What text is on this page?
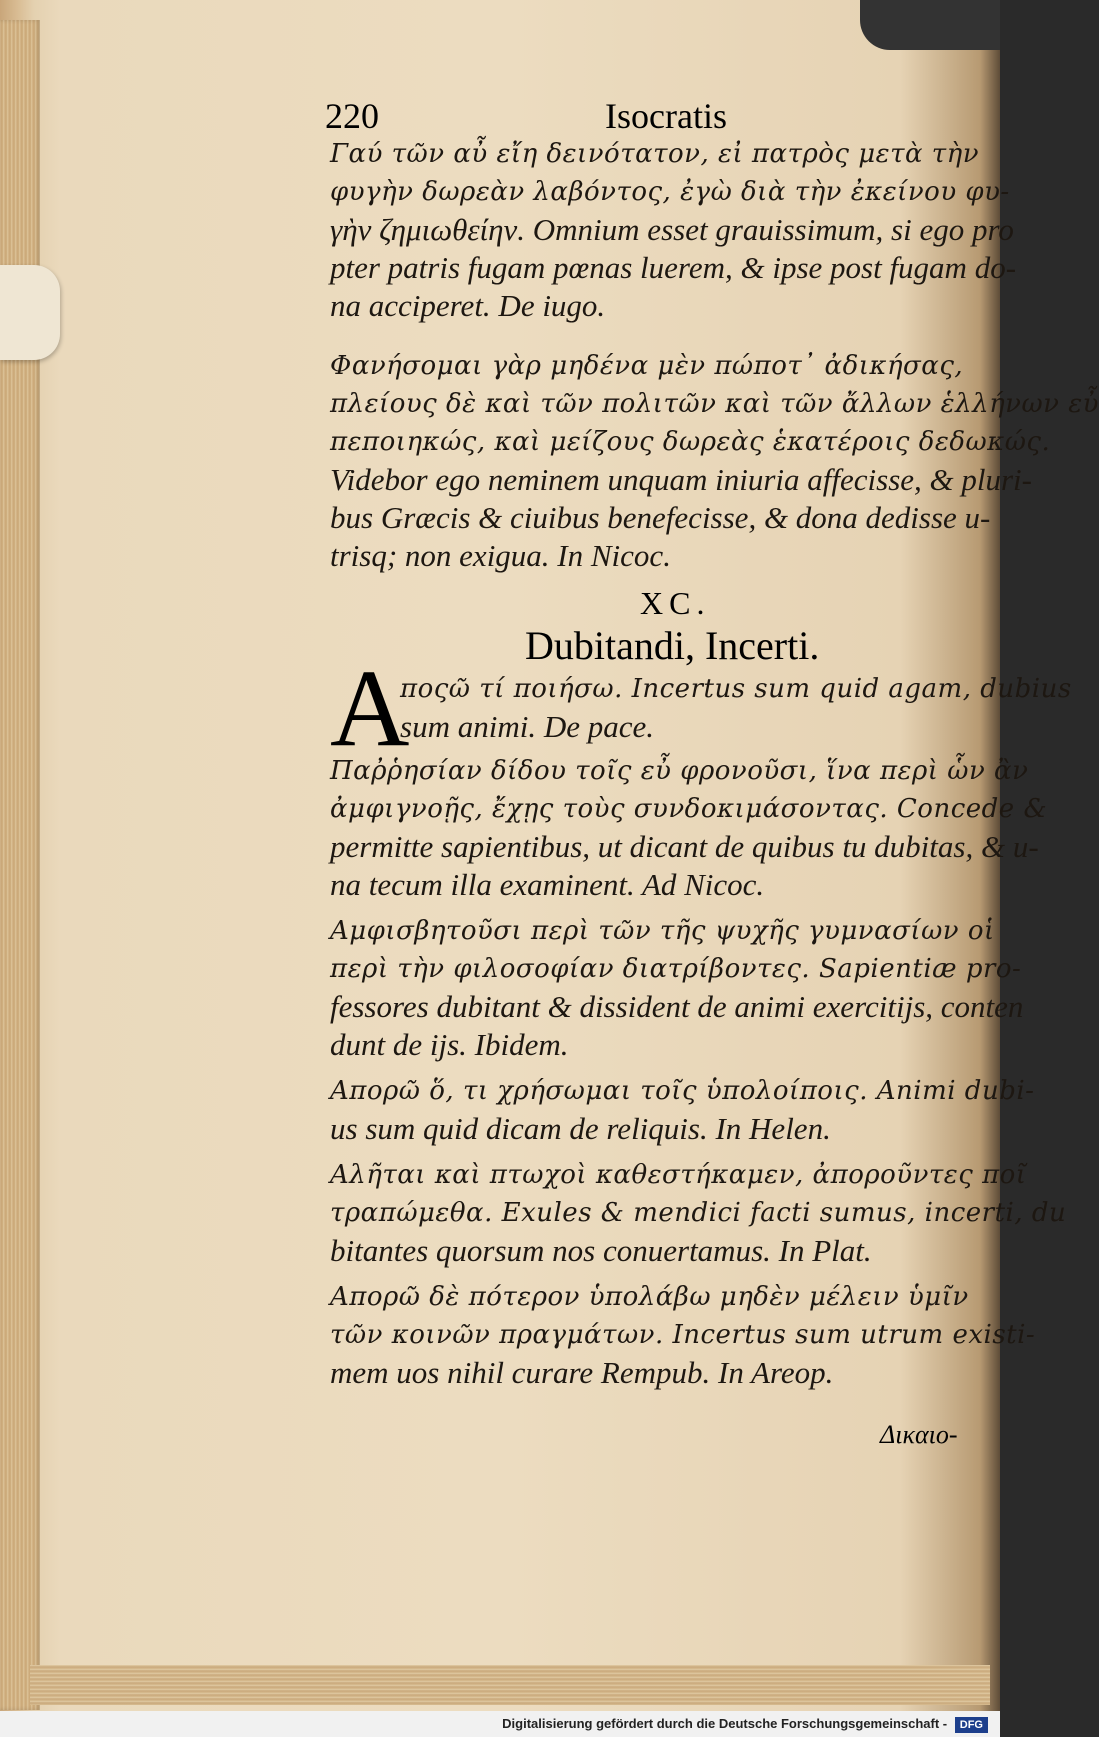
220	Isocratis
Γαύ τῶν αὖ εἴη δεινότατον, εἰ πατρὸς μετὰ τὴν
φυγὴν δωρεὰν λαβόντος, ἐγὼ διὰ τὴν ἐκείνου φυ-
γὴν ζημιωθείην. Omnium esset grauissimum, si ego pro
pter patris fugam pœnas luerem, & ipse post fugam do-
na acciperet. De iugo.
Φανήσομαι γὰρ μηδένα μὲν πώποτ᾽ ἀδικήσας,
πλείους δὲ καὶ τῶν πολιτῶν καὶ τῶν ἄλλων ἑλλήνων εὖ
πεποιηκώς, καὶ μείζους δωρεὰς ἑκατέροις δεδωκώς.
Videbor ego neminem unquam iniuria affecisse, & pluri-
bus Græcis & ciuibus benefecisse, & dona dedisse u-
trisq; non exigua. In Nicoc.
XC.
Dubitandi, Incerti.
A
ποςῶ τί ποιήσω. Incertus sum quid agam, dubius
sum animi. De pace.
Παῤῥησίαν δίδου τοῖς εὖ φρονοῦσι, ἵνα περὶ ὧν ἂν
ἀμφιγνοῇς, ἔχῃς τοὺς συνδοκιμάσοντας. Concede &
permitte sapientibus, ut dicant de quibus tu dubitas, & u-
na tecum illa examinent. Ad Nicoc.
Αμφισβητοῦσι περὶ τῶν τῆς ψυχῆς γυμνασίων οἱ
περὶ τὴν φιλοσοφίαν διατρίβοντες. Sapientiæ pro-
fessores dubitant & dissident de animi exercitijs, conten
dunt de ijs. Ibidem.
Απορῶ ὅ, τι χρήσωμαι τοῖς ὑπολοίποις. Animi dubi-
us sum quid dicam de reliquis. In Helen.
Αλῆται καὶ πτωχοὶ καθεστήκαμεν, ἀποροῦντες ποῖ
τραπώμεθα. Exules & mendici facti sumus, incerti, du
bitantes quorsum nos conuertamus. In Plat.
Απορῶ δὲ πότερον ὑπολάβω μηδὲν μέλειν ὑμῖν
τῶν κοινῶν πραγμάτων. Incertus sum utrum existi-
mem uos nihil curare Rempub. In Areop.
Δικαιο-
Digitalisierung gefördert durch die Deutsche Forschungsgemeinschaft - DFG
